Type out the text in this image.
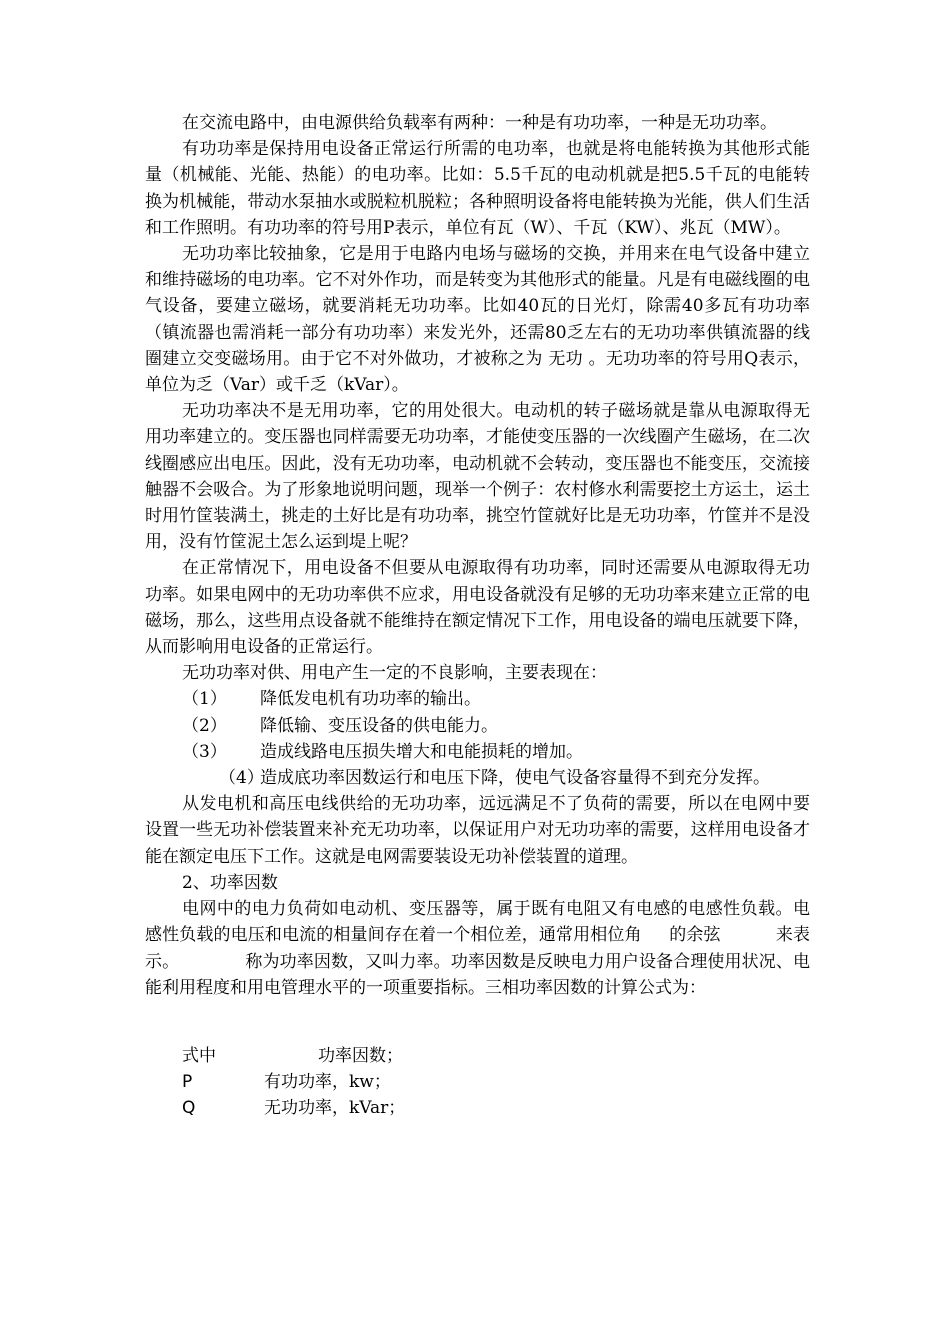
在交流电路中，由电源供给负载率有两种：一种是有功功率，一种是无功功率。

有功功率是保持用电设备正常运行所需的电功率，也就是将电能转换为其他形式能量（机械能、光能、热能）的电功率。比如：5.5千瓦的电动机就是把5.5千瓦的电能转换为机械能，带动水泵抽水或脱粒机脱粒；各种照明设备将电能转换为光能，供人们生活和工作照明。有功功率的符号用P表示，单位有瓦（W）、千瓦（KW）、兆瓦（MW）。

无功功率比较抽象，它是用于电路内电场与磁场的交换，并用来在电气设备中建立和维持磁场的电功率。它不对外作功，而是转变为其他形式的能量。凡是有电磁线圈的电气设备，要建立磁场，就要消耗无功功率。比如40瓦的日光灯，除需40多瓦有功功率（镇流器也需消耗一部分有功功率）来发光外，还需80乏左右的无功功率供镇流器的线圈建立交变磁场用。由于它不对外做功，才被称之为 无功 。无功功率的符号用Q表示，单位为乏（Var）或千乏（kVar）。

无功功率决不是无用功率，它的用处很大。电动机的转子磁场就是靠从电源取得无用功率建立的。变压器也同样需要无功功率，才能使变压器的一次线圈产生磁场，在二次线圈感应出电压。因此，没有无功功率，电动机就不会转动，变压器也不能变压，交流接触器不会吸合。为了形象地说明问题，现举一个例子：农村修水利需要挖土方运土，运土时用竹筐装满土，挑走的土好比是有功功率，挑空竹筐就好比是无功功率，竹筐并不是没用，没有竹筐泥土怎么运到堤上呢？

在正常情况下，用电设备不但要从电源取得有功功率，同时还需要从电源取得无功功率。如果电网中的无功功率供不应求，用电设备就没有足够的无功功率来建立正常的电磁场，那么，这些用点设备就不能维持在额定情况下工作，用电设备的端电压就要下降，从而影响用电设备的正常运行。

无功功率对供、用电产生一定的不良影响，主要表现在：

（1） 降低发电机有功功率的输出。

（2） 降低输、变压设备的供电能力。

（3） 造成线路电压损失增大和电能损耗的增加。

（4）造成底功率因数运行和电压下降，使电气设备容量得不到充分发挥。

从发电机和高压电线供给的无功功率，远远满足不了负荷的需要，所以在电网中要设置一些无功补偿装置来补充无功功率，以保证用户对无功功率的需要，这样用电设备才能在额定电压下工作。这就是电网需要装设无功补偿装置的道理。

2、功率因数

电网中的电力负荷如电动机、变压器等，属于既有电阻又有电感的电感性负载。电感性负载的电压和电流的相量间存在着一个相位差，通常用相位角     的余弦          来表示。            称为功率因数，又叫力率。功率因数是反映电力用户设备合理使用状况、电能利用程度和用电管理水平的一项重要指标。三相功率因数的计算公式为：

式中	功率因数；

P	有功功率，kw；

Q	无功功率，kVar；
